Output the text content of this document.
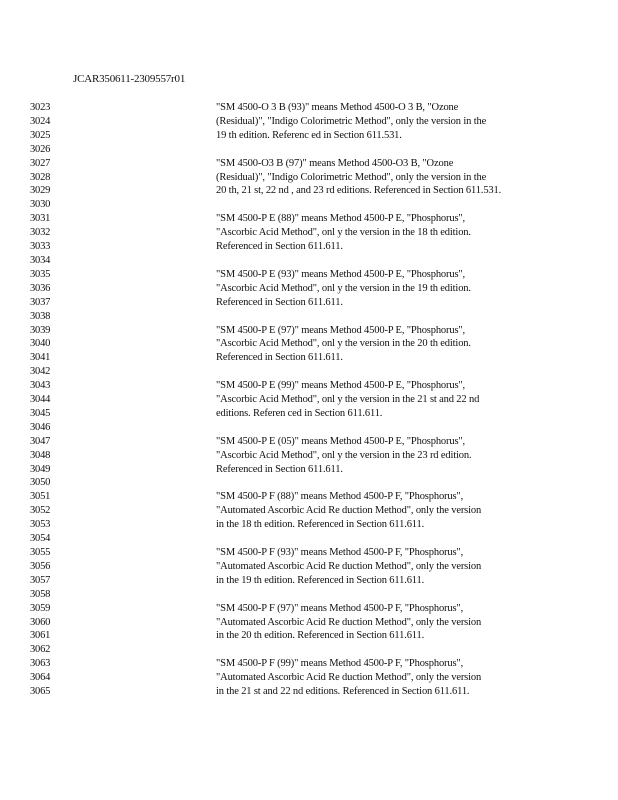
JCAR350611-2309557r01
3023
3024
3025
3026
3027
3028
3029
3030
3031
3032
3033
3034
3035
3036
3037
3038
3039
3040
3041
3042
3043
3044
3045
3046
3047
3048
3049
3050
3051
3052
3053
3054
3055
3056
3057
3058
3059
3060
3061
3062
3063
3064
3065
"SM 4500-O 3 B (93)" means Method 4500-O 3 B, "Ozone
(Residual)", "Indigo Colorimetric Method", only the version in the
19 th edition. Referenc ed in Section 611.531.
"SM 4500-O3 B (97)" means Method 4500-O3 B, "Ozone
(Residual)", "Indigo Colorimetric Method", only the version in the
20 th, 21 st, 22 nd , and 23 rd editions. Referenced in Section 611.531.
"SM 4500-P E (88)" means Method 4500-P E, "Phosphorus",
"Ascorbic Acid Method", onl y the version in the 18 th edition.
Referenced in Section 611.611.
"SM 4500-P E (93)" means Method 4500-P E, "Phosphorus",
"Ascorbic Acid Method", onl y the version in the 19 th edition.
Referenced in Section 611.611.
"SM 4500-P E (97)" means Method 4500-P E, "Phosphorus",
"Ascorbic Acid Method", onl y the version in the 20 th edition.
Referenced in Section 611.611.
"SM 4500-P E (99)" means Method 4500-P E, "Phosphorus",
"Ascorbic Acid Method", onl y the version in the 21 st and 22 nd
editions. Referen ced in Section 611.611.
"SM 4500-P E (05)" means Method 4500-P E, "Phosphorus",
"Ascorbic Acid Method", onl y the version in the 23 rd edition.
Referenced in Section 611.611.
"SM 4500-P F (88)" means Method 4500-P F, "Phosphorus",
"Automated Ascorbic Acid Re duction Method", only the version
in the 18 th edition. Referenced in Section 611.611.
"SM 4500-P F (93)" means Method 4500-P F, "Phosphorus",
"Automated Ascorbic Acid Re duction Method", only the version
in the 19 th edition. Referenced in Section 611.611.
"SM 4500-P F (97)" means Method 4500-P F, "Phosphorus",
"Automated Ascorbic Acid Re duction Method", only the version
in the 20 th edition. Referenced in Section 611.611.
"SM 4500-P F (99)" means Method 4500-P F, "Phosphorus",
"Automated Ascorbic Acid Re duction Method", only the version
in the 21 st and 22 nd editions. Referenced in Section 611.611.
